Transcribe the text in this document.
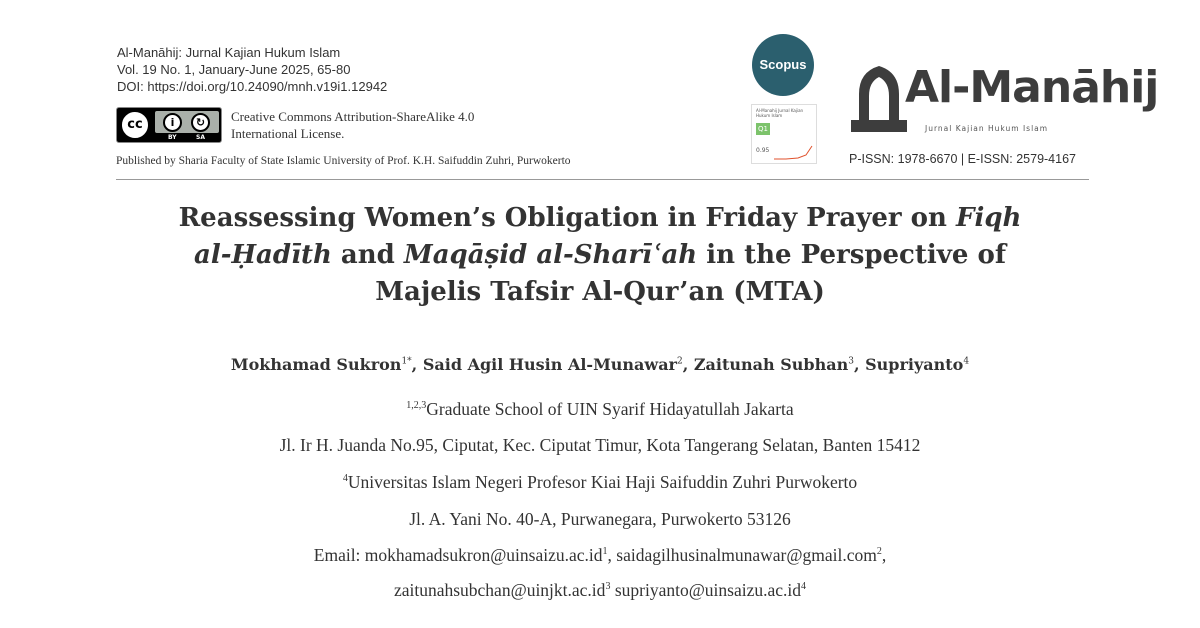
Al-Manāhij: Jurnal Kajian Hukum Islam
Vol. 19 No. 1, January-June 2025, 65-80
DOI: https://doi.org/10.24090/mnh.v19i1.12942
cc	i	↻
BY	SA
Creative Commons Attribution-ShareAlike 4.0
International License.
Published by Sharia Faculty of State Islamic University of Prof. K.H. Saifuddin Zuhri, Purwokerto
Scopus
Al-Manahij Jurnal Kajian Hukum Islam
Q1
0.95
Al-Manāhij
Jurnal Kajian Hukum Islam
P-ISSN: 1978-6670 | E-ISSN: 2579-4167
Reassessing Women’s Obligation in Friday Prayer on Fiqh
al-Ḥadīth and Maqāṣid al-Sharīʿah in the Perspective of
Majelis Tafsir Al-Qur’an (MTA)
Mokhamad Sukron$^{1*}$, Said Agil Husin Al-Munawar$^2$, Zaitunah Subhan$^3$, Supriyanto$^4$
$^{1,2,3}$Graduate School of UIN Syarif Hidayatullah Jakarta
Jl. Ir H. Juanda No.95, Ciputat, Kec. Ciputat Timur, Kota Tangerang Selatan, Banten 15412
$^4$Universitas Islam Negeri Profesor Kiai Haji Saifuddin Zuhri Purwokerto
Jl. A. Yani No. 40-A, Purwanegara, Purwokerto 53126
Email: $mokhamadsukron@uinsaizu.ac.id^1$, saidagilhusinalmunawar@gmail.com$^2$,
$zaitunahsubchan@uinjkt.ac.id^3$ $supriyanto@uinsaizu.ac.id^4$
